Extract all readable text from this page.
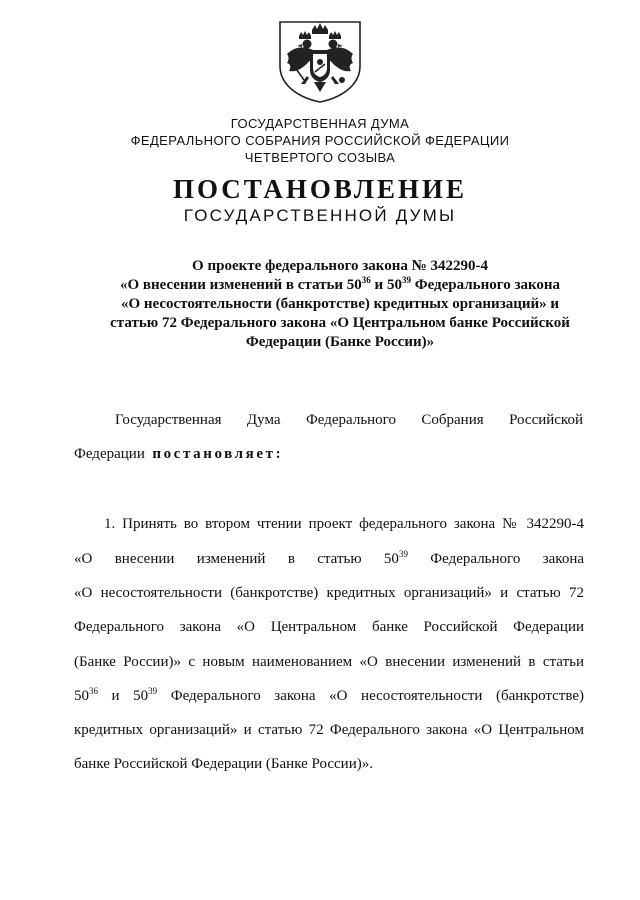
ГОСУДАРСТВЕННАЯ ДУМА
ФЕДЕРАЛЬНОГО СОБРАНИЯ РОССИЙСКОЙ ФЕДЕРАЦИИ
ЧЕТВЕРТОГО СОЗЫВА
ПОСТАНОВЛЕНИЕ
ГОСУДАРСТВЕННОЙ ДУМЫ
О проекте федерального закона № 342290-4
«О внесении изменений в статьи $50^{36}$ и $50^{39}$ Федерального закона
«О несостоятельности (банкротстве) кредитных организаций» и
статью 72 Федерального закона «О Центральном банке Российской
Федерации (Банке России)»
Государственная Дума Федерального Собрания Российской
Федерации постановляет:
1. Принять во втором чтении проект федерального закона № 342290-4
«О внесении изменений в статью $50^{39}$ Федерального закона
«О несостоятельности (банкротстве) кредитных организаций» и статью 72
Федерального закона «О Центральном банке Российской Федерации
(Банке России)» с новым наименованием «О внесении изменений в статьи
$50^{36}$ и $50^{39}$ Федерального закона «О несостоятельности (банкротстве)
кредитных организаций» и статью 72 Федерального закона «О Центральном
банке Российской Федерации (Банке России)».
